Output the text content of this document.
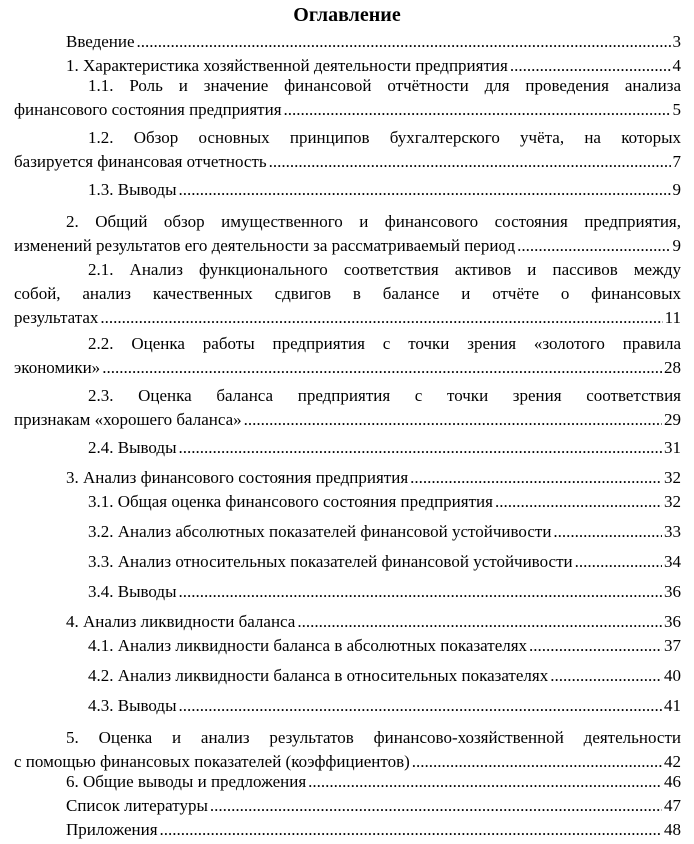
Оглавление
Введение .....	3
1. Характеристика хозяйственной деятельности предприятия .....	4
1.1. Роль и значение финансовой отчётности для проведения анализа
финансового состояния предприятия .....	5
1.2. Обзор основных принципов бухгалтерского учёта, на которых
базируется финансовая отчетность .....	7
1.3. Выводы .....	9
2. Общий обзор имущественного и финансового состояния предприятия,
изменений результатов его деятельности за рассматриваемый период .....	9
2.1. Анализ функционального соответствия активов и пассивов между
собой, анализ качественных сдвигов в балансе и отчёте о финансовых
результатах .....	11
2.2. Оценка работы предприятия с точки зрения «золотого правила
экономики» .....	28
2.3. Оценка баланса предприятия с точки зрения соответствия
признакам «хорошего баланса» .....	29
2.4. Выводы .....	31
3. Анализ финансового состояния предприятия .....	32
3.1. Общая оценка финансового состояния предприятия .....	32
3.2. Анализ абсолютных показателей финансовой устойчивости .....	33
3.3. Анализ относительных показателей финансовой устойчивости .....	34
3.4. Выводы .....	36
4. Анализ ликвидности баланса .....	36
4.1. Анализ ликвидности баланса в абсолютных показателях .....	37
4.2. Анализ ликвидности баланса в относительных показателях .....	40
4.3. Выводы .....	41
5. Оценка и анализ результатов финансово-хозяйственной деятельности
с помощью финансовых показателей (коэффициентов) .....	42
6. Общие выводы и предложения .....	46
Список литературы .....	47
Приложения .....	48
